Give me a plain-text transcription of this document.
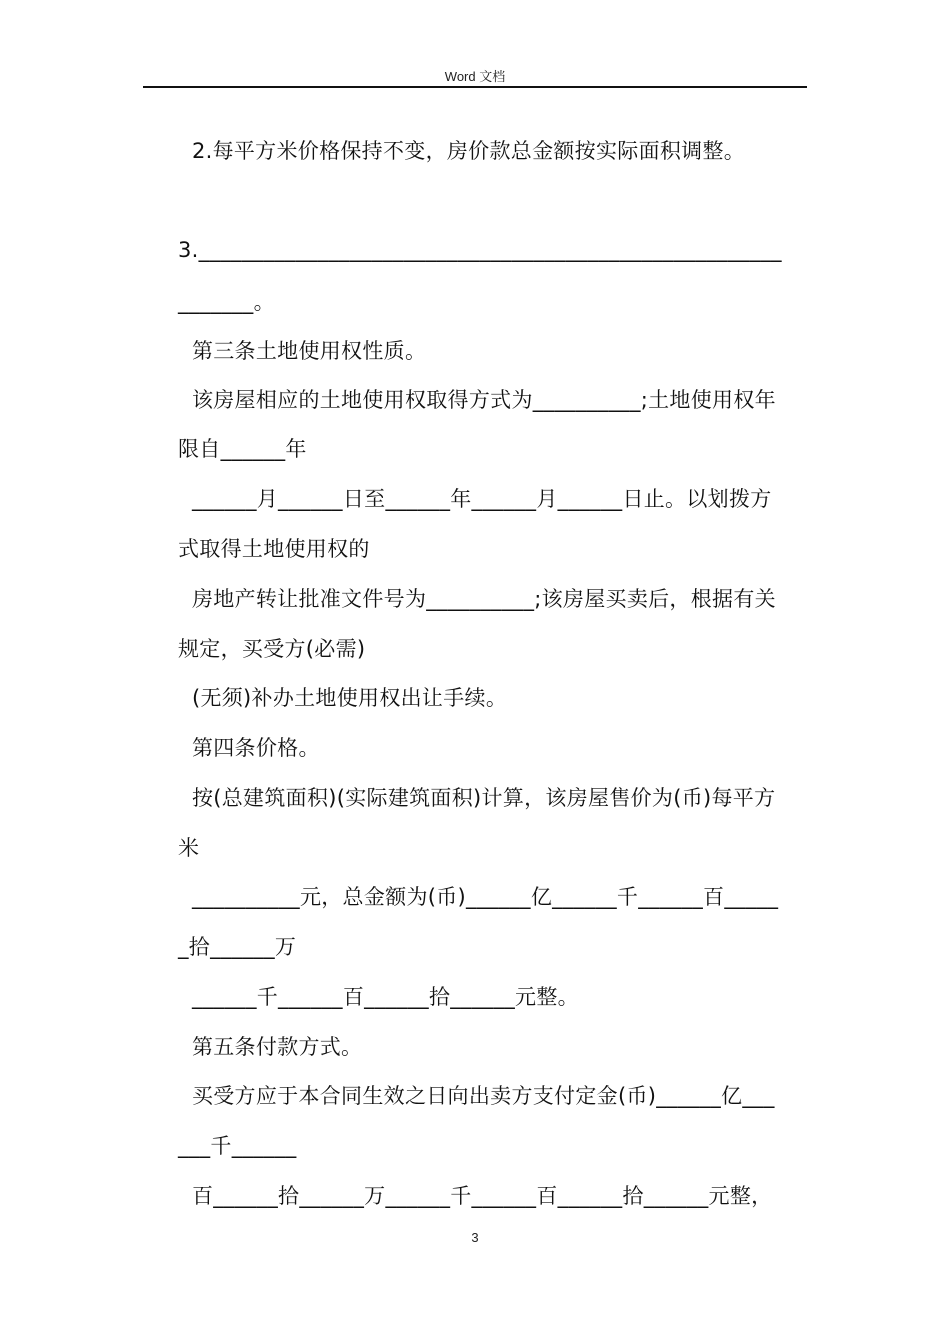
Word 文档
2.每平方米价格保持不变，房价款总金额按实际面积调整。
3.______________________________________________________
_______。
第三条土地使用权性质。
该房屋相应的土地使用权取得方式为__________;土地使用权年
限自______年
______月______日至______年______月______日止。以划拨方
式取得土地使用权的
房地产转让批准文件号为__________;该房屋买卖后，根据有关
规定，买受方(必需)
(无须)补办土地使用权出让手续。
第四条价格。
按(总建筑面积)(实际建筑面积)计算，该房屋售价为(币)每平方
米
__________元，总金额为(币)______亿______千______百_____
_拾______万
______千______百______拾______元整。
第五条付款方式。
买受方应于本合同生效之日向出卖方支付定金(币)______亿___
___千______
百______拾______万______千______百______拾______元整，
3
